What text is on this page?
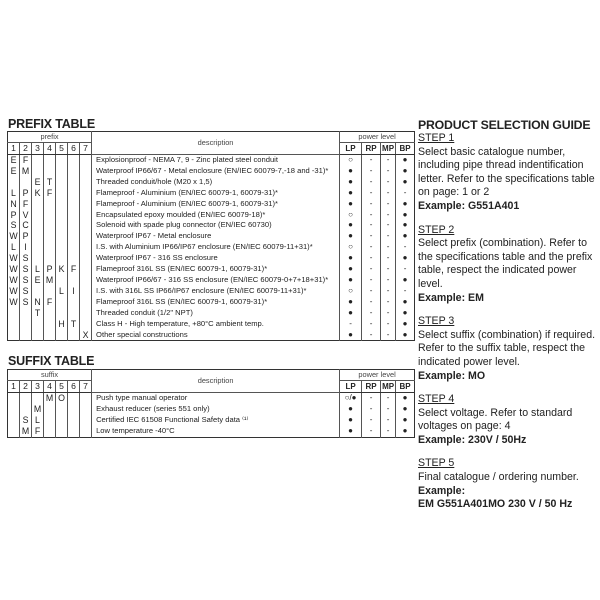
PREFIX TABLE
prefix							description	power level			
1	2	3	4	5	6	7		LP	RP	MP	BP
E	F						Explosionproof - NEMA 7, 9 - Zinc plated steel conduit	○	-	-	●
E	M						Waterproof IP66/67 - Metal enclosure (EN/IEC 60079-7,-18 and -31)*	●	-	-	●
		E	T				Threaded conduit/hole (M20 x 1,5)	●	-	-	●
L	P	K	F				Flameproof - Aluminium (EN/IEC 60079-1, 60079-31)*	●	-	-	-
N	F						Flameproof - Aluminium (EN/IEC 60079-1, 60079-31)*	●	-	-	●
P	V						Encapsulated epoxy moulded (EN/IEC 60079-18)*	○	-	-	●
S	C						Solenoid with spade plug connector (EN/IEC 60730)	●	-	-	●
W	P						Waterproof IP67 - Metal enclosure	●	-	-	●
L	I						I.S. with Aluminium IP66/IP67 enclosure (EN/IEC 60079-11+31)*	○	-	-	-
W	S						Waterproof IP67 - 316 SS enclosure	●	-	-	●
W	S	L	P	K	F		Flameproof 316L SS (EN/IEC 60079-1, 60079-31)*	●	-	-	-
W	S	E	M				Waterproof IP66/67 - 316 SS enclosure (EN/IEC 60079-0+7+18+31)*	●	-	-	●
W	S			L	I		I.S. with 316L SS IP66/IP67 enclosure (EN/IEC 60079-11+31)*	○	-	-	-
W	S	N	F				Flameproof 316L SS (EN/IEC 60079-1, 60079-31)*	●	-	-	●
		T					Threaded conduit (1/2" NPT)	●	-	-	●
				H	T		Class H - High temperature, +80°C ambient temp.	-	-	-	●
						X	Other special constructions	●	-	-	●
SUFFIX TABLE
suffix							description	power level			
1	2	3	4	5	6	7		LP	RP	MP	BP
			M	O			Push type manual operator	○/●	-	-	●
		M					Exhaust reducer (series 551 only)	●	-	-	●
	S	L					Certified IEC 61508 Functional Safety data ⁽¹⁾	●	-	-	●
	M	F					Low temperature -40°C	●	-	-	●
PRODUCT SELECTION GUIDE
STEP 1
Select basic catalogue number, including pipe thread indentification letter. Refer to the specifications table on page: 1 or 2
Example: G551A401
STEP 2
Select prefix (combination). Refer to the specifications table and the prefix table, respect the indicated power level.
Example: EM
STEP 3
Select suffix (combination) if required. Refer to the suffix table, respect the indicated power level.
Example: MO
STEP 4
Select voltage. Refer to standard voltages on page: 4
Example: 230V / 50Hz
STEP 5
Final catalogue / ordering number.
Example:
EM G551A401MO 230 V / 50 Hz
